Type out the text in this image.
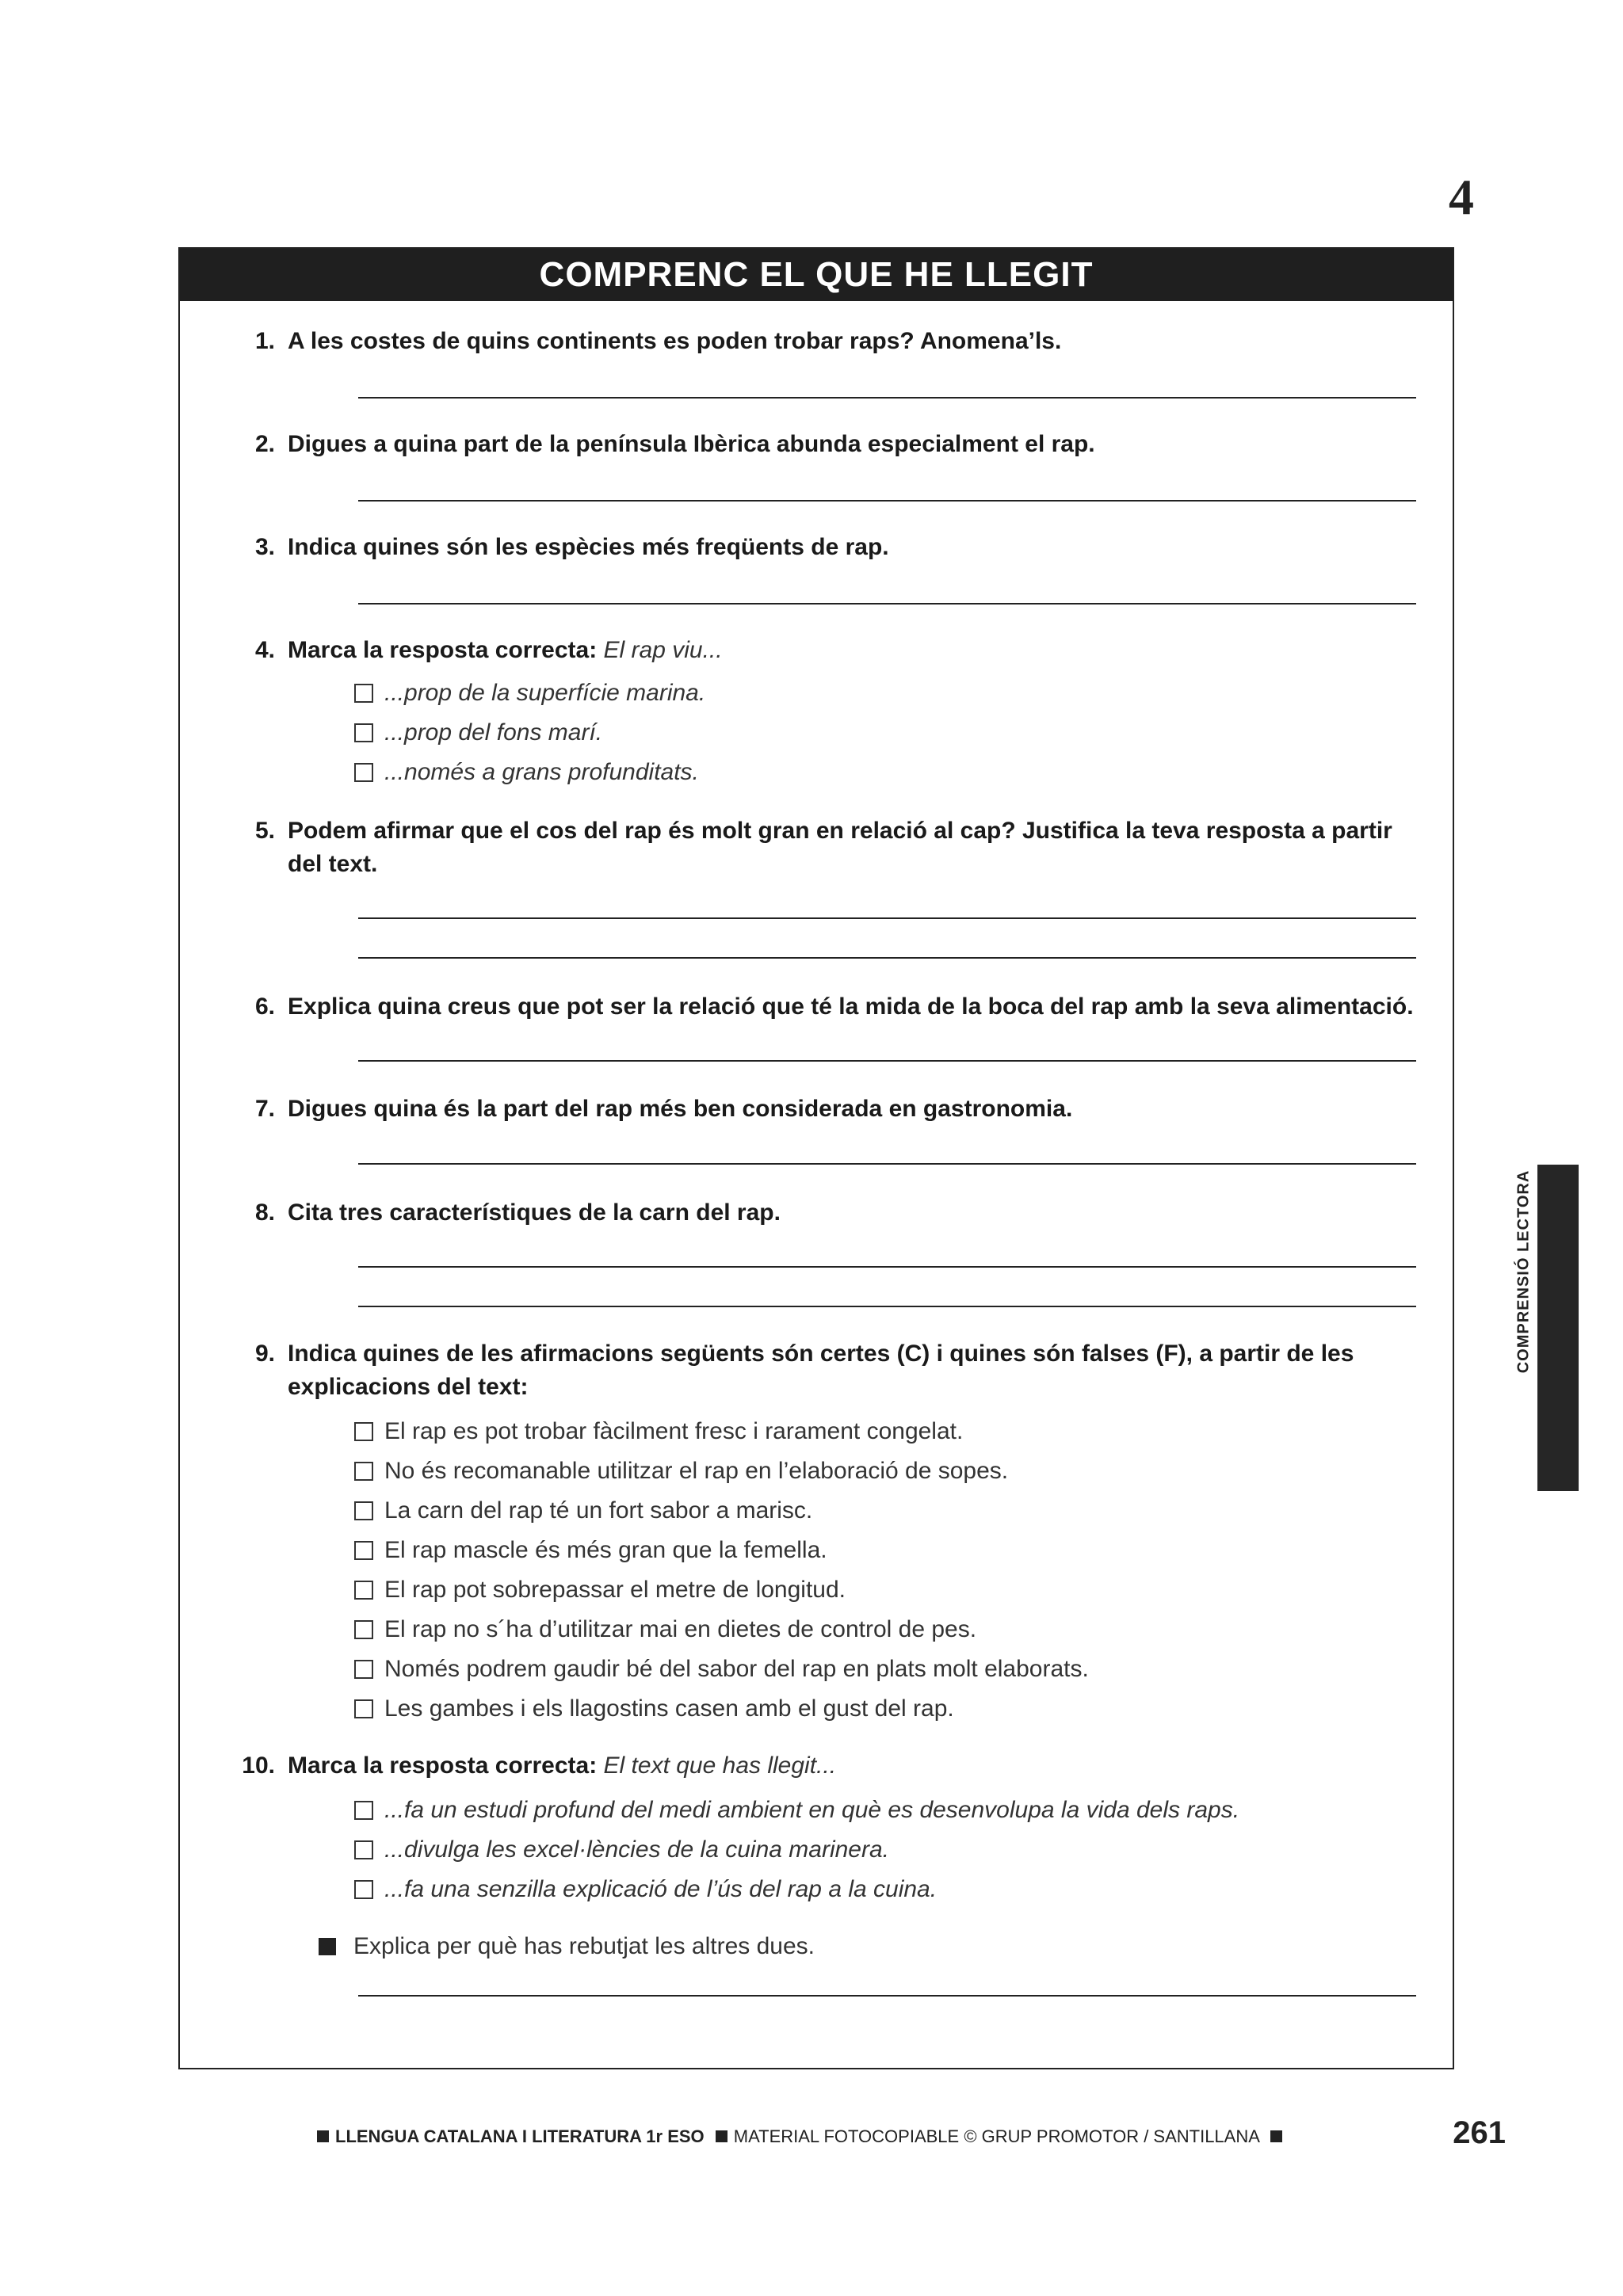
4
COMPRENC EL QUE HE LLEGIT
1. A les costes de quins continents es poden trobar raps? Anomena’ls.
2. Digues a quina part de la península Ibèrica abunda especialment el rap.
3. Indica quines són les espècies més freqüents de rap.
4. Marca la resposta correcta: El rap viu...
...prop de la superfície marina.
...prop del fons marí.
...només a grans profunditats.
5. Podem afirmar que el cos del rap és molt gran en relació al cap? Justifica la teva resposta a partir del text.
6. Explica quina creus que pot ser la relació que té la mida de la boca del rap amb la seva alimentació.
7. Digues quina és la part del rap més ben considerada en gastronomia.
8. Cita tres característiques de la carn del rap.
9. Indica quines de les afirmacions següents són certes (C) i quines són falses (F), a partir de les explicacions del text:
El rap es pot trobar fàcilment fresc i rarament congelat.
No és recomanable utilitzar el rap en l’elaboració de sopes.
La carn del rap té un fort sabor a marisc.
El rap mascle és més gran que la femella.
El rap pot sobrepassar el metre de longitud.
El rap no s´ha d’utilitzar mai en dietes de control de pes.
Només podrem gaudir bé del sabor del rap en plats molt elaborats.
Les gambes i els llagostins casen amb el gust del rap.
10. Marca la resposta correcta: El text que has llegit...
...fa un estudi profund del medi ambient en què es desenvolupa la vida dels raps.
...divulga les excel·lències de la cuina marinera.
...fa una senzilla explicació de l’ús del rap a la cuina.
Explica per què has rebutjat les altres dues.
COMPRENSIÓ LECTORA
LLENGUA CATALANA I LITERATURA 1r ESO MATERIAL FOTOCOPIABLE © GRUP PROMOTOR / SANTILLANA	261
